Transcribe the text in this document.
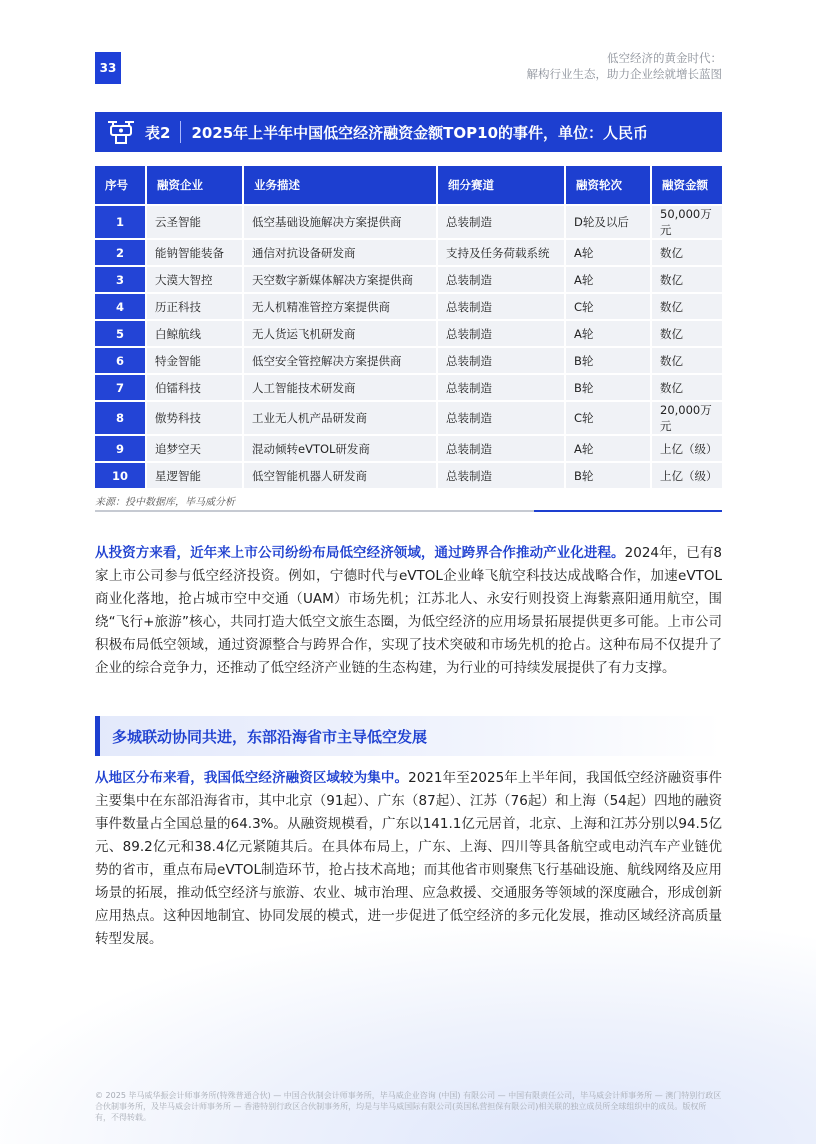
33
低空经济的黄金时代：
解构行业生态，助力企业绘就增长蓝图
表2 2025年上半年中国低空经济融资金额TOP10的事件，单位：人民币
序号	融资企业	业务描述	细分赛道	融资轮次	融资金额
1	云圣智能	低空基础设施解决方案提供商	总装制造	D轮及以后	50,000万元
2	能钠智能装备	通信对抗设备研发商	支持及任务荷载系统	A轮	数亿
3	大漠大智控	天空数字新媒体解决方案提供商	总装制造	A轮	数亿
4	历正科技	无人机精准管控方案提供商	总装制造	C轮	数亿
5	白鲸航线	无人货运飞机研发商	总装制造	A轮	数亿
6	特金智能	低空安全管控解决方案提供商	总装制造	B轮	数亿
7	伯镭科技	人工智能技术研发商	总装制造	B轮	数亿
8	傲势科技	工业无人机产品研发商	总装制造	C轮	20,000万元
9	追梦空天	混动倾转eVTOL研发商	总装制造	A轮	上亿（级）
10	星逻智能	低空智能机器人研发商	总装制造	B轮	上亿（级）
来源：投中数据库，毕马威分析
从投资方来看，近年来上市公司纷纷布局低空经济领域，通过跨界合作推动产业化进程。2024年，已有8家上市公司参与低空经济投资。例如，宁德时代与eVTOL企业峰飞航空科技达成战略合作，加速eVTOL商业化落地，抢占城市空中交通（UAM）市场先机；江苏北人、永安行则投资上海紫熹阳通用航空，围绕“飞行+旅游”核心，共同打造大低空文旅生态圈，为低空经济的应用场景拓展提供更多可能。上市公司积极布局低空领域，通过资源整合与跨界合作，实现了技术突破和市场先机的抢占。这种布局不仅提升了企业的综合竞争力，还推动了低空经济产业链的生态构建，为行业的可持续发展提供了有力支撑。
多城联动协同共进，东部沿海省市主导低空发展
从地区分布来看，我国低空经济融资区域较为集中。2021年至2025年上半年间，我国低空经济融资事件主要集中在东部沿海省市，其中北京（91起）、广东（87起）、江苏（76起）和上海（54起）四地的融资事件数量占全国总量的64.3%。从融资规模看，广东以141.1亿元居首，北京、上海和江苏分别以94.5亿元、89.2亿元和38.4亿元紧随其后。在具体布局上，广东、上海、四川等具备航空或电动汽车产业链优势的省市，重点布局eVTOL制造环节，抢占技术高地；而其他省市则聚焦飞行基础设施、航线网络及应用场景的拓展，推动低空经济与旅游、农业、城市治理、应急救援、交通服务等领域的深度融合，形成创新应用热点。这种因地制宜、协同发展的模式，进一步促进了低空经济的多元化发展，推动区域经济高质量转型发展。
© 2025 毕马威华振会计师事务所(特殊普通合伙) — 中国合伙制会计师事务所，毕马威企业咨询 (中国) 有限公司 — 中国有限责任公司，毕马威会计师事务所 — 澳门特别行政区合伙制事务所，及毕马威会计师事务所 — 香港特别行政区合伙制事务所，均是与毕马威国际有限公司(英国私营担保有限公司)相关联的独立成员所全球组织中的成员。版权所有，不得转载。
